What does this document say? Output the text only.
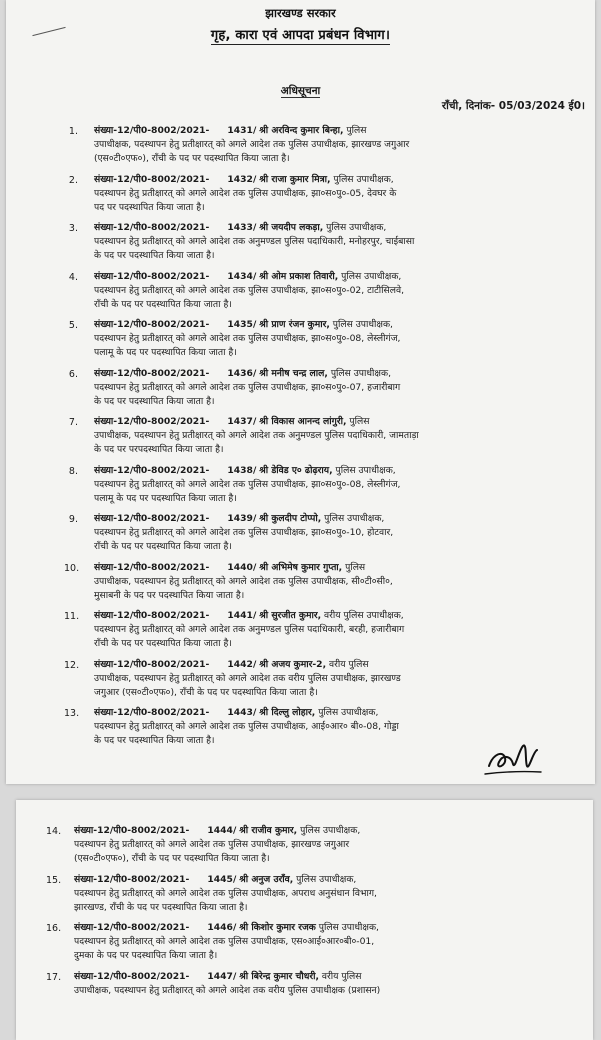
झारखण्ड सरकार
गृह, कारा एवं आपदा प्रबंधन विभाग।
अधिसूचना
राँची, दिनांक- 05/03/2024 ई0।
1. संख्या-12/पी0-8002/2021- 1431/ श्री अरविन्द कुमार बिन्हा, पुलिस
उपाधीक्षक, पदस्थापन हेतु प्रतीक्षारत् को अगले आदेश तक पुलिस उपाधीक्षक, झारखण्ड जगुआर
(एस०टी०एफ०), राँची के पद पर पदस्थापित किया जाता है।
2. संख्या-12/पी0-8002/2021- 1432/ श्री राजा कुमार मित्रा, पुलिस उपाधीक्षक,
पदस्थापन हेतु प्रतीक्षारत् को अगले आदेश तक पुलिस उपाधीक्षक, झा०स०पु०-05, देवघर के
पद पर पदस्थापित किया जाता है।
3. संख्या-12/पी0-8002/2021- 1433/ श्री जयदीप लकड़ा, पुलिस उपाधीक्षक,
पदस्थापन हेतु प्रतीक्षारत् को अगले आदेश तक अनुमण्डल पुलिस पदाधिकारी, मनोहरपुर, चाईबासा
के पद पर पदस्थापित किया जाता है।
4. संख्या-12/पी0-8002/2021- 1434/ श्री ओम प्रकाश तिवारी, पुलिस उपाधीक्षक,
पदस्थापन हेतु प्रतीक्षारत् को अगले आदेश तक पुलिस उपाधीक्षक, झा०स०पु०-02, टाटीसिलवे,
राँची के पद पर पदस्थापित किया जाता है।
5. संख्या-12/पी0-8002/2021- 1435/ श्री प्राण रंजन कुमार, पुलिस उपाधीक्षक,
पदस्थापन हेतु प्रतीक्षारत् को अगले आदेश तक पुलिस उपाधीक्षक, झा०स०पु०-08, लेस्लीगंज,
पलामू के पद पर पदस्थापित किया जाता है।
6. संख्या-12/पी0-8002/2021- 1436/ श्री मनीष चन्द्र लाल, पुलिस उपाधीक्षक,
पदस्थापन हेतु प्रतीक्षारत् को अगले आदेश तक पुलिस उपाधीक्षक, झा०स०पु०-07, हजारीबाग
के पद पर पदस्थापित किया जाता है।
7. संख्या-12/पी0-8002/2021- 1437/ श्री विकास आनन्द लांगुरी, पुलिस
उपाधीक्षक, पदस्थापन हेतु प्रतीक्षारत् को अगले आदेश तक अनुमण्डल पुलिस पदाधिकारी, जामताड़ा
के पद पर परपदस्थापित किया जाता है।
8. संख्या-12/पी0-8002/2021- 1438/ श्री डेविड ए० ढोढ़राय, पुलिस उपाधीक्षक,
पदस्थापन हेतु प्रतीक्षारत् को अगले आदेश तक पुलिस उपाधीक्षक, झा०स०पु०-08, लेस्लीगंज,
पलामू के पद पर पदस्थापित किया जाता है।
9. संख्या-12/पी0-8002/2021- 1439/ श्री कुलदीप टोप्पो, पुलिस उपाधीक्षक,
पदस्थापन हेतु प्रतीक्षारत् को अगले आदेश तक पुलिस उपाधीक्षक, झा०स०पु०-10, होटवार,
राँची के पद पर पदस्थापित किया जाता है।
10. संख्या-12/पी0-8002/2021- 1440/ श्री अभिमेष कुमार गुप्ता, पुलिस
उपाधीक्षक, पदस्थापन हेतु प्रतीक्षारत् को अगले आदेश तक पुलिस उपाधीक्षक, सी०टी०सी०,
मुसाबनी के पद पर पदस्थापित किया जाता है।
11. संख्या-12/पी0-8002/2021- 1441/ श्री सुरजीत कुमार, वरीय पुलिस उपाधीक्षक,
पदस्थापन हेतु प्रतीक्षारत् को अगले आदेश तक अनुमण्डल पुलिस पदाधिकारी, बरही, हजारीबाग
राँची के पद पर पदस्थापित किया जाता है।
12. संख्या-12/पी0-8002/2021- 1442/ श्री अजय कुमार-2, वरीय पुलिस
उपाधीक्षक, पदस्थापन हेतु प्रतीक्षारत् को अगले आदेश तक वरीय पुलिस उपाधीक्षक, झारखण्ड
जगुआर (एस०टी०एफ०), राँची के पद पर पदस्थापित किया जाता है।
13. संख्या-12/पी0-8002/2021- 1443/ श्री दिल्लु लोहार, पुलिस उपाधीक्षक,
पदस्थापन हेतु प्रतीक्षारत् को अगले आदेश तक पुलिस उपाधीक्षक, आई०आर० बी०-08, गोड्डा
के पद पर पदस्थापित किया जाता है।
14. संख्या-12/पी0-8002/2021- 1444/ श्री राजीव कुमार, पुलिस उपाधीक्षक,
पदस्थापन हेतु प्रतीक्षारत् को अगले आदेश तक पुलिस उपाधीक्षक, झारखण्ड जगुआर
(एस०टी०एफ०), राँची के पद पर पदस्थापित किया जाता है।
15. संख्या-12/पी0-8002/2021- 1445/ श्री अनुज उराँव, पुलिस उपाधीक्षक,
पदस्थापन हेतु प्रतीक्षारत् को अगले आदेश तक पुलिस उपाधीक्षक, अपराध अनुसंधान विभाग,
झारखण्ड, राँची के पद पर पदस्थापित किया जाता है।
16. संख्या-12/पी0-8002/2021- 1446/ श्री किशोर कुमार रजक पुलिस उपाधीक्षक,
पदस्थापन हेतु प्रतीक्षारत् को अगले आदेश तक पुलिस उपाधीक्षक, एस०आई०आर०बी०-01,
दुमका के पद पर पदस्थापित किया जाता है।
17. संख्या-12/पी0-8002/2021- 1447/ श्री बिरेन्द्र कुमार चौधरी, वरीय पुलिस
उपाधीक्षक, पदस्थापन हेतु प्रतीक्षारत् को अगले आदेश तक वरीय पुलिस उपाधीक्षक (प्रशासन)
